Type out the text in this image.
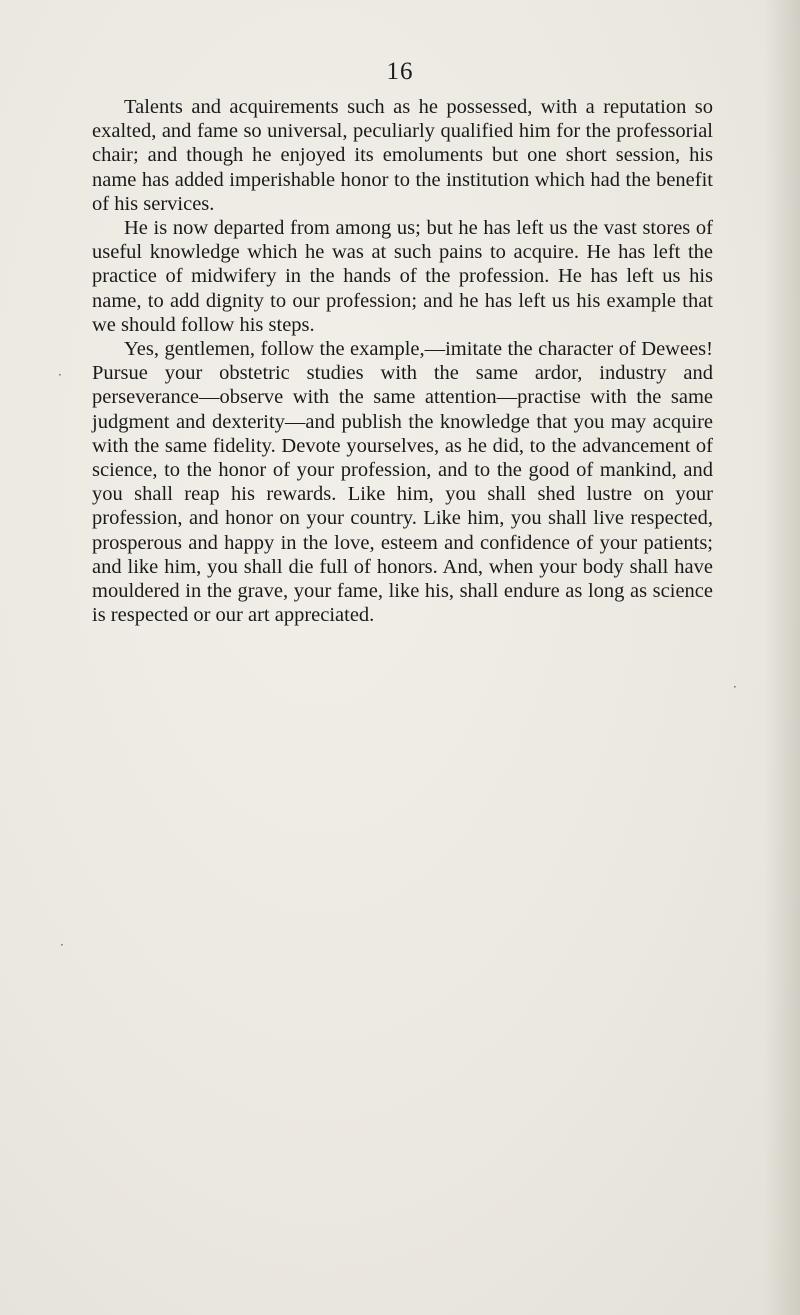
16

Talents and acquirements such as he possessed, with a reputation so exalted, and fame so universal, peculiarly qualified him for the professorial chair; and though he enjoyed its emoluments but one short session, his name has added imperishable honor to the institution which had the benefit of his services.

He is now departed from among us; but he has left us the vast stores of useful knowledge which he was at such pains to acquire. He has left the practice of midwifery in the hands of the profession. He has left us his name, to add dignity to our profession; and he has left us his example that we should follow his steps.

Yes, gentlemen, follow the example,—imitate the character of Dewees! Pursue your obstetric studies with the same ardor, industry and perseverance—observe with the same attention—practise with the same judgment and dexterity—and publish the knowledge that you may acquire with the same fidelity. Devote yourselves, as he did, to the advancement of science, to the honor of your profession, and to the good of mankind, and you shall reap his rewards. Like him, you shall shed lustre on your profession, and honor on your country. Like him, you shall live respected, prosperous and happy in the love, esteem and confidence of your patients; and like him, you shall die full of honors. And, when your body shall have mouldered in the grave, your fame, like his, shall endure as long as science is respected or our art appreciated.

·
·
·
